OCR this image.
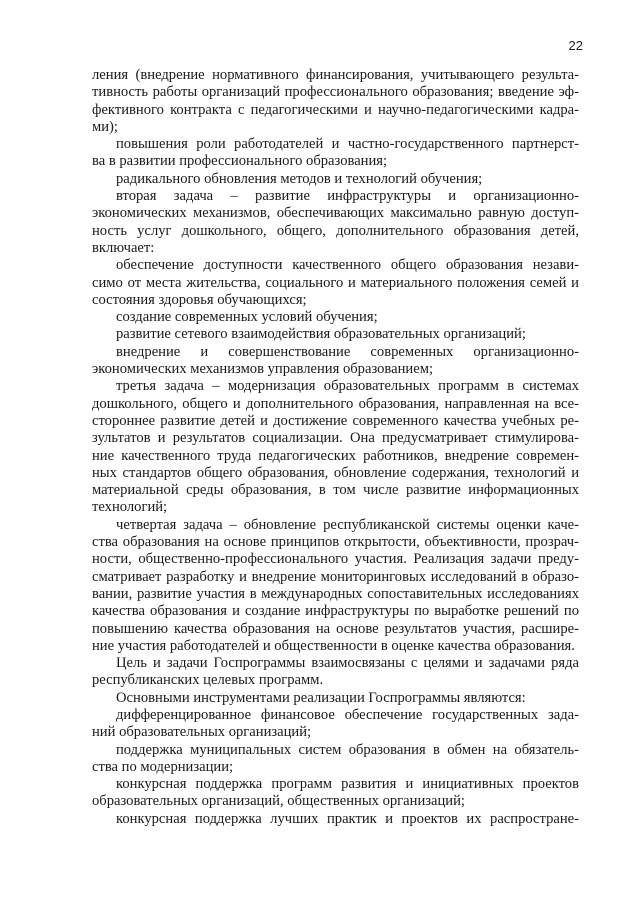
22
ления (внедрение нормативного финансирования, учитывающего результа-
тивность работы организаций профессионального образования; введение эф-
фективного контракта с педагогическими и научно-педагогическими кадра-
ми);
повышения роли работодателей и частно-государственного партнерст-
ва в развитии профессионального образования;
радикального обновления методов и технологий обучения;
вторая задача – развитие инфраструктуры и организационно-
экономических механизмов, обеспечивающих максимально равную доступ-
ность услуг дошкольного, общего, дополнительного образования детей,
включает:
обеспечение доступности качественного общего образования незави-
симо от места жительства, социального и материального положения семей и
состояния здоровья обучающихся;
создание современных условий обучения;
развитие сетевого взаимодействия образовательных организаций;
внедрение и совершенствование современных организационно-
экономических механизмов управления образованием;
третья задача – модернизация образовательных программ в системах
дошкольного, общего и дополнительного образования, направленная на все-
стороннее развитие детей и достижение современного качества учебных ре-
зультатов и результатов социализации. Она предусматривает стимулирова-
ние качественного труда педагогических работников, внедрение современ-
ных стандартов общего образования, обновление содержания, технологий и
материальной среды образования, в том числе развитие информационных
технологий;
четвертая задача – обновление республиканской системы оценки каче-
ства образования на основе принципов открытости, объективности, прозрач-
ности, общественно-профессионального участия. Реализация задачи преду-
сматривает разработку и внедрение мониторинговых исследований в образо-
вании, развитие участия в международных сопоставительных исследованиях
качества образования и создание инфраструктуры по выработке решений по
повышению качества образования на основе результатов участия, расшире-
ние участия работодателей и общественности в оценке качества образования.
Цель и задачи Госпрограммы взаимосвязаны с целями и задачами ряда
республиканских целевых программ.
Основными инструментами реализации Госпрограммы являются:
дифференцированное финансовое обеспечение государственных зада-
ний образовательных организаций;
поддержка муниципальных систем образования в обмен на обязатель-
ства по модернизации;
конкурсная поддержка программ развития и инициативных проектов
образовательных организаций, общественных организаций;
конкурсная поддержка лучших практик и проектов их распростране-
